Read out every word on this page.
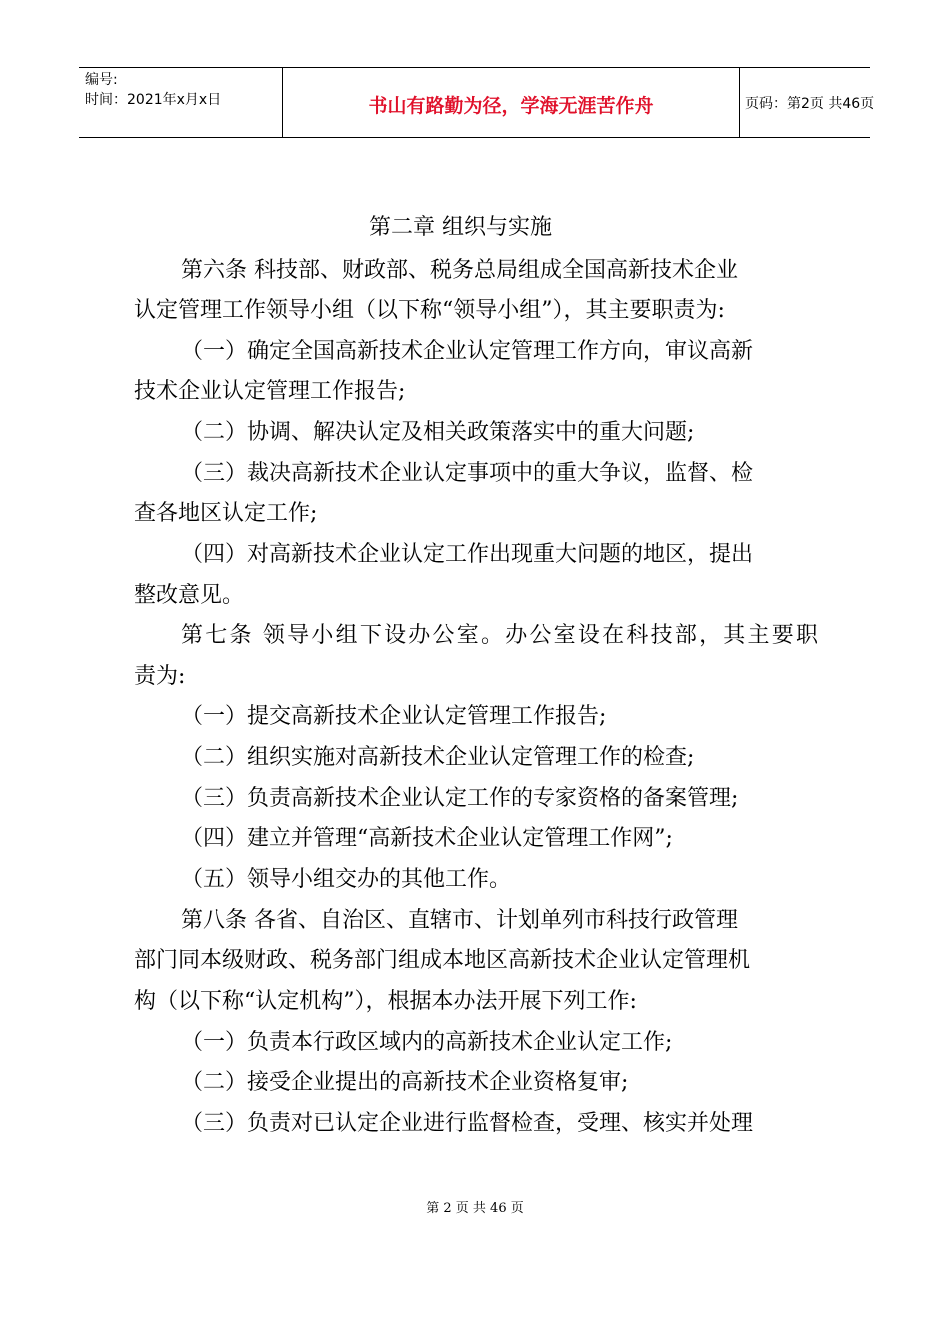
编号:
时间：2021年x月x日	书山有路勤为径，学海无涯苦作舟	页码：第2页 共46页
第二章 组织与实施
第六条 科技部、财政部、税务总局组成全国高新技术企业
认定管理工作领导小组（以下称“领导小组”），其主要职责为:
（一）确定全国高新技术企业认定管理工作方向，审议高新
技术企业认定管理工作报告;
（二）协调、解决认定及相关政策落实中的重大问题;
（三）裁决高新技术企业认定事项中的重大争议，监督、检
查各地区认定工作;
（四）对高新技术企业认定工作出现重大问题的地区，提出
整改意见。
第七条 领导小组下设办公室。办公室设在科技部，其主要职
责为:
（一）提交高新技术企业认定管理工作报告;
（二）组织实施对高新技术企业认定管理工作的检查;
（三）负责高新技术企业认定工作的专家资格的备案管理;
（四）建立并管理“高新技术企业认定管理工作网”;
（五）领导小组交办的其他工作。
第八条 各省、自治区、直辖市、计划单列市科技行政管理
部门同本级财政、税务部门组成本地区高新技术企业认定管理机
构（以下称“认定机构”），根据本办法开展下列工作:
（一）负责本行政区域内的高新技术企业认定工作;
（二）接受企业提出的高新技术企业资格复审;
（三）负责对已认定企业进行监督检查，受理、核实并处理
第 2 页 共 46 页
